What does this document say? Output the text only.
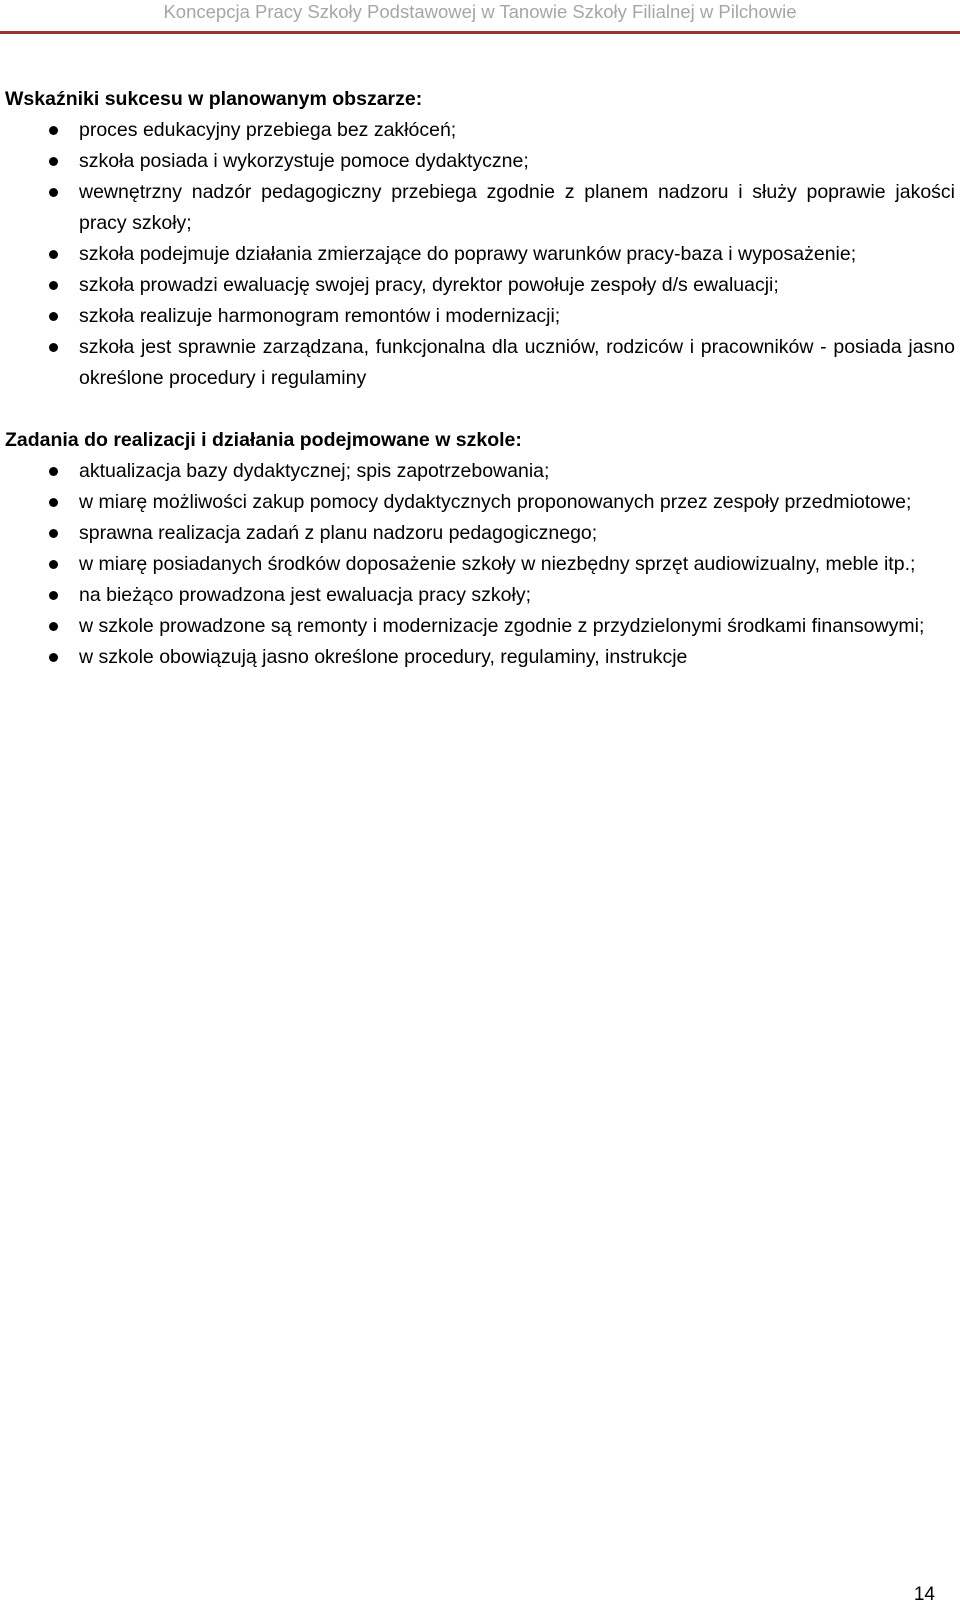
Koncepcja Pracy Szkoły Podstawowej w Tanowie Szkoły Filialnej w Pilchowie

Wskaźniki sukcesu w planowanym obszarze:

proces edukacyjny przebiega bez zakłóceń;
szkoła posiada i wykorzystuje pomoce dydaktyczne;
wewnętrzny nadzór pedagogiczny przebiega zgodnie z planem nadzoru i służy poprawie jakości pracy szkoły;
szkoła podejmuje działania zmierzające do poprawy warunków pracy-baza i wyposażenie;
szkoła prowadzi ewaluację swojej pracy, dyrektor powołuje zespoły d/s ewaluacji;
szkoła realizuje harmonogram remontów i modernizacji;
szkoła jest sprawnie zarządzana, funkcjonalna dla uczniów, rodziców i pracowników - posiada jasno określone procedury i regulaminy

Zadania do realizacji i działania podejmowane w szkole:

aktualizacja bazy dydaktycznej; spis zapotrzebowania;
w miarę możliwości zakup pomocy dydaktycznych proponowanych przez zespoły przedmiotowe;
sprawna realizacja zadań z planu nadzoru pedagogicznego;
w miarę posiadanych środków doposażenie szkoły w niezbędny sprzęt audiowizualny, meble itp.;
na bieżąco prowadzona jest ewaluacja pracy szkoły;
w szkole prowadzone są remonty i modernizacje zgodnie z przydzielonymi środkami finansowymi;
w szkole obowiązują jasno określone procedury, regulaminy, instrukcje
14
